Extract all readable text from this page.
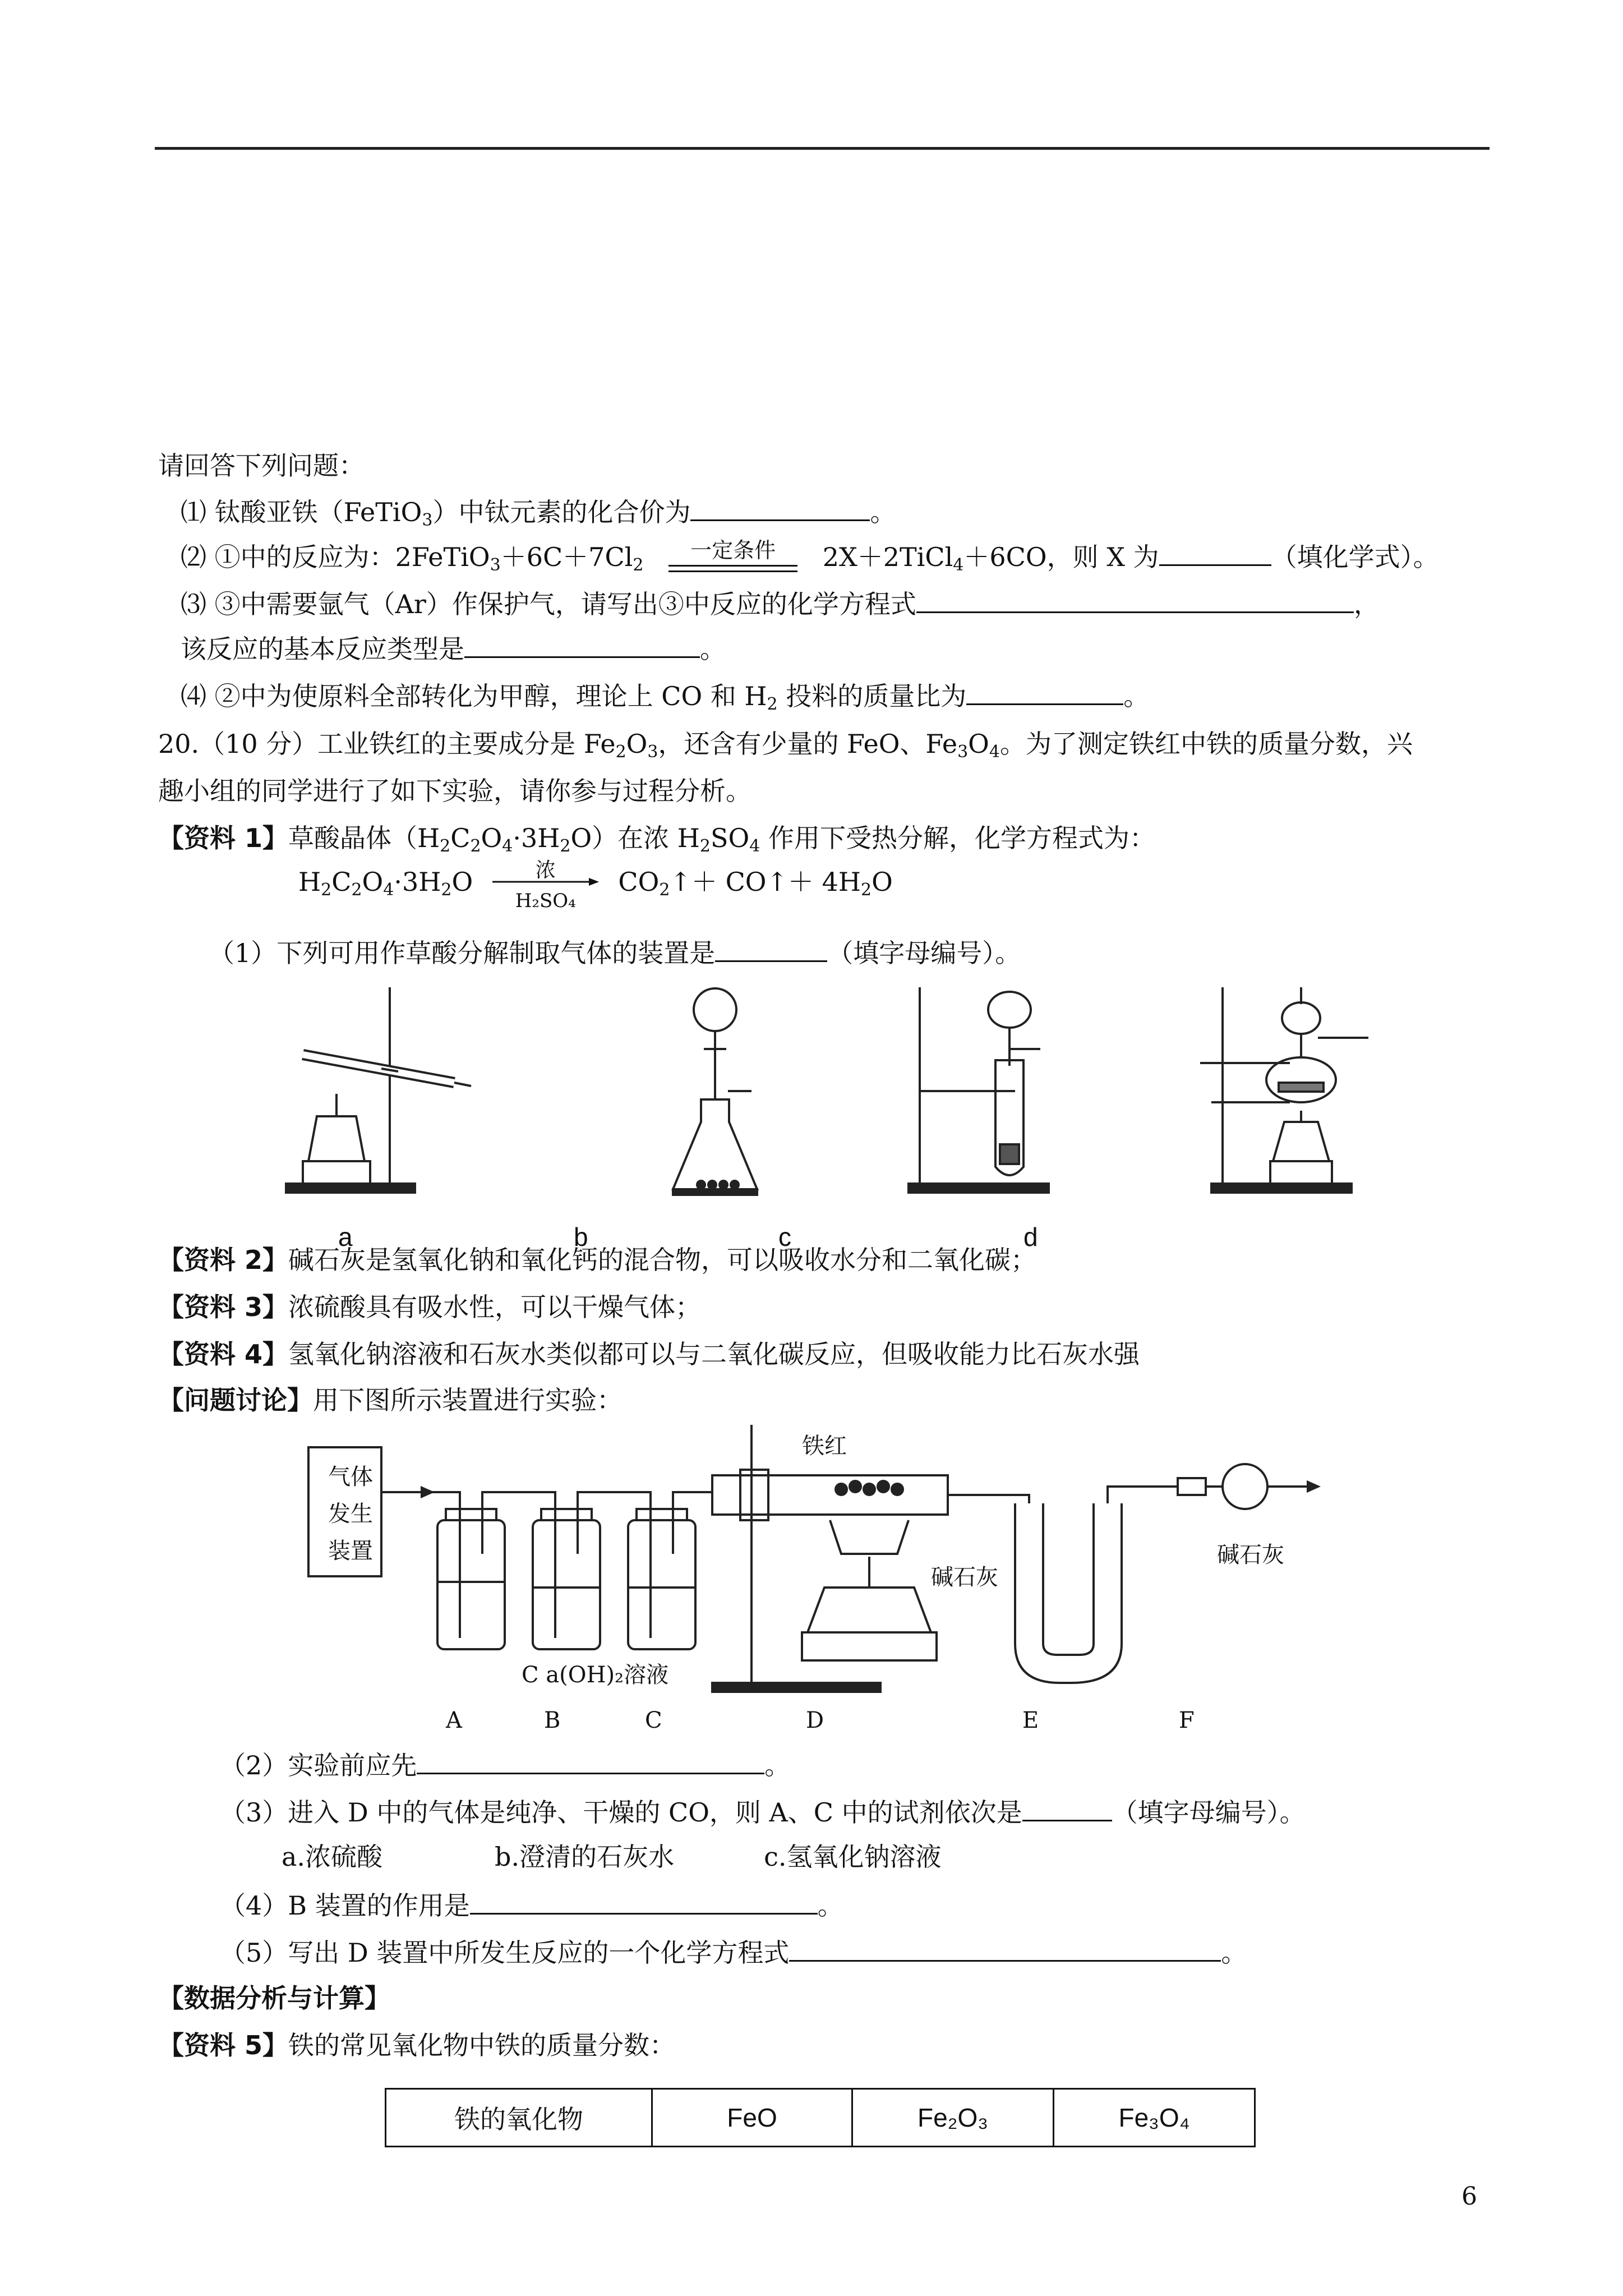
请回答下列问题：
⑴ 钛酸亚铁（FeTiO$_3$）中钛元素的化合价为	。
⑵ ①中的反应为：$2FeTiO_3+6C+7Cl_2$
一定条件	2X＋2TiCl$_4$＋6CO，则 X 为	（填化学式）。
⑶ ③中需要氩气（Ar）作保护气，请写出③中反应的化学方程式	，
该反应的基本反应类型是	。
⑷ ②中为使原料全部转化为甲醇，理论上 CO 和 $H_2$ 投料的质量比为	。
20.（10 分）工业铁红的主要成分是 $Fe_2O_3$，还含有少量的 FeO、$Fe_3O_4$。为了测定铁红中铁的质量分数，兴
趣小组的同学进行了如下实验，请你参与过程分析。
【资料 1】草酸晶体$(H_2C_2O_4\cdot 3H_2O)$在浓 $H_2SO_4$ 作用下受热分解，化学方程式为：
$H_2C_2O_4\cdot 3H_2O$	浓
H₂SO₄
$CO_2↑+$ CO↑＋ $4H_2O$
（1）下列可用作草酸分解制取气体的装置是	（填字母编号）。
a	b	c	d
【资料 2】碱石灰是氢氧化钠和氧化钙的混合物，可以吸收水分和二氧化碳；
【资料 3】浓硫酸具有吸水性，可以干燥气体；
【资料 4】氢氧化钠溶液和石灰水类似都可以与二氧化碳反应，但吸收能力比石灰水强
【问题讨论】用下图所示装置进行实验：
气体
发生
装置
铁红
碱石灰
碱石灰
C a(OH)₂溶液
A	B	C	D	E	F
（2）实验前应先	。
（3）进入 D 中的气体是纯净、干燥的 CO，则 A、C 中的试剂依次是	（填字母编号）。
a.浓硫酸	b.澄清的石灰水	c.氢氧化钠溶液
（4）B 装置的作用是	。
（5）写出 D 装置中所发生反应的一个化学方程式	。
【数据分析与计算】
【资料 5】铁的常见氧化物中铁的质量分数：
铁的氧化物	FeO	Fe₂O₃	Fe₃O₄
6
